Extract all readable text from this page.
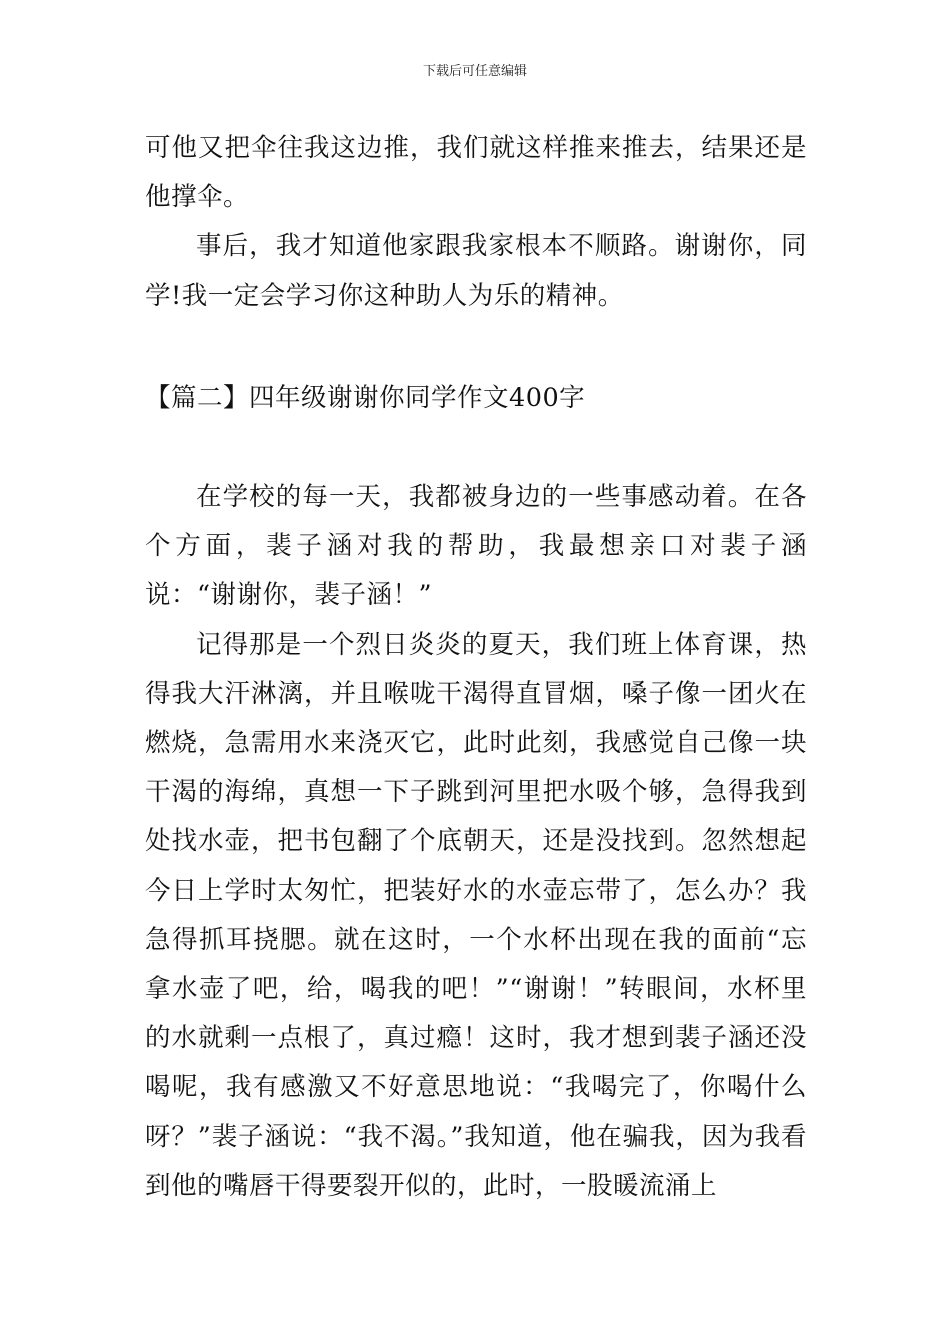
下载后可任意编辑

可他又把伞往我这边推，我们就这样推来推去，结果还是他撑伞。

事后，我才知道他家跟我家根本不顺路。谢谢你，同学!我一定会学习你这种助人为乐的精神。

【篇二】四年级谢谢你同学作文400字

在学校的每一天，我都被身边的一些事感动着。在各个方面，裴子涵对我的帮助，我最想亲口对裴子涵说：“谢谢你，裴子涵！”

记得那是一个烈日炎炎的夏天，我们班上体育课，热得我大汗淋漓，并且喉咙干渴得直冒烟，嗓子像一团火在燃烧，急需用水来浇灭它，此时此刻，我感觉自己像一块干渴的海绵，真想一下子跳到河里把水吸个够，急得我到处找水壶，把书包翻了个底朝天，还是没找到。忽然想起今日上学时太匆忙，把装好水的水壶忘带了，怎么办？我急得抓耳挠腮。就在这时，一个水杯出现在我的面前“忘拿水壶了吧，给，喝我的吧！”“谢谢！”转眼间，水杯里的水就剩一点根了，真过瘾！这时，我才想到裴子涵还没喝呢，我有感激又不好意思地说：“我喝完了，你喝什么呀？”裴子涵说：“我不渴。”我知道，他在骗我，因为我看到他的嘴唇干得要裂开似的，此时，一股暖流涌上
